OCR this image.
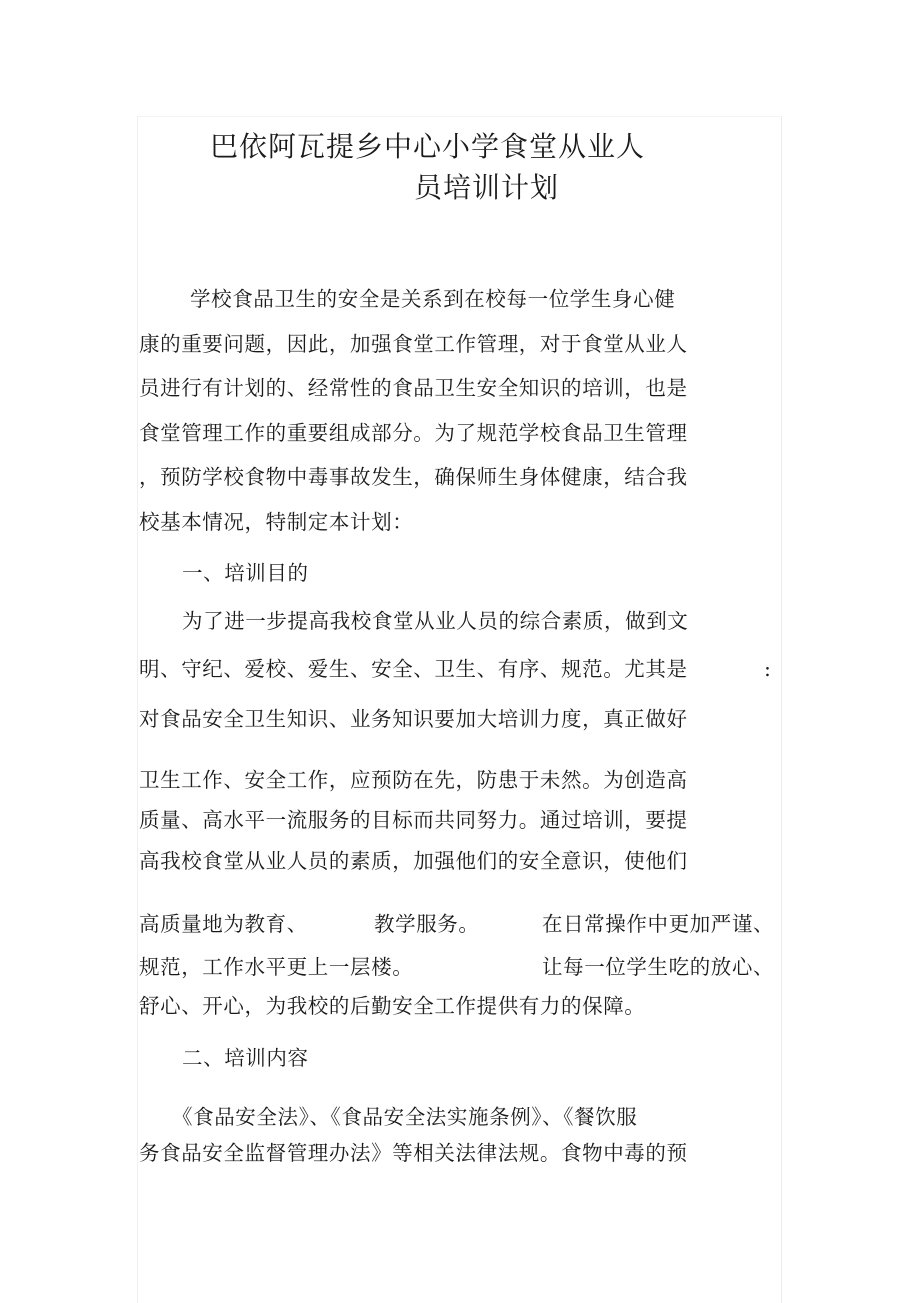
巴依阿瓦提乡中心小学食堂从业人
员培训计划
学校食品卫生的安全是关系到在校每一位学生身心健
康的重要问题，因此，加强食堂工作管理，对于食堂从业人
员进行有计划的、经常性的食品卫生安全知识的培训，也是
食堂管理工作的重要组成部分。为了规范学校食品卫生管理
，预防学校食物中毒事故发生，确保师生身体健康，结合我
校基本情况，特制定本计划：
一、培训目的
为了进一步提高我校食堂从业人员的综合素质，做到文
明、守纪、爱校、爱生、安全、卫生、有序、规范。尤其是	:
对食品安全卫生知识、业务知识要加大培训力度，真正做好
卫生工作、安全工作，应预防在先，防患于未然。为创造高
质量、高水平一流服务的目标而共同努力。通过培训，要提
高我校食堂从业人员的素质，加强他们的安全意识，使他们
高质量地为教育、	教学服务。	在日常操作中更加严谨、
规范，工作水平更上一层楼。	让每一位学生吃的放心、
舒心、开心，为我校的后勤安全工作提供有力的保障。
二、培训内容
《食品安全法》、《食品安全法实施条例》、《餐饮服
务食品安全监督管理办法》等相关法律法规。食物中毒的预
